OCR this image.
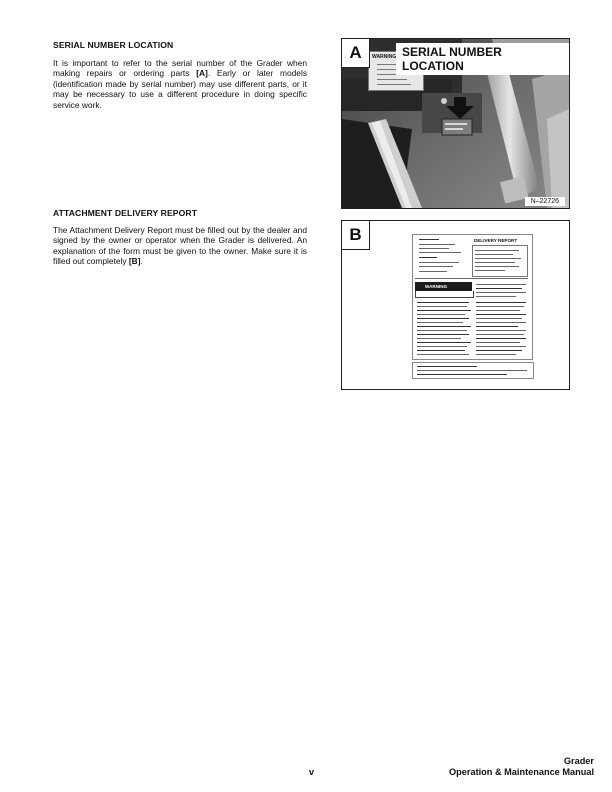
SERIAL NUMBER LOCATION
It is important to refer to the serial number of the Grader when making repairs or ordering parts [A]. Early or later models (identification made by serial number) may use different parts, or it may be necessary to use a different procedure in doing specific service work.
ATTACHMENT DELIVERY REPORT
The Attachment Delivery Report must be filled out by the dealer and signed by the owner or operator when the Grader is delivered. An explanation of the form must be given to the owner. Make sure it is filled out completely [B].
WARNING
A	SERIAL NUMBER LOCATION
N–22726
B	DELIVERY REPORT
WARNING
v
Grader
Operation & Maintenance Manual
